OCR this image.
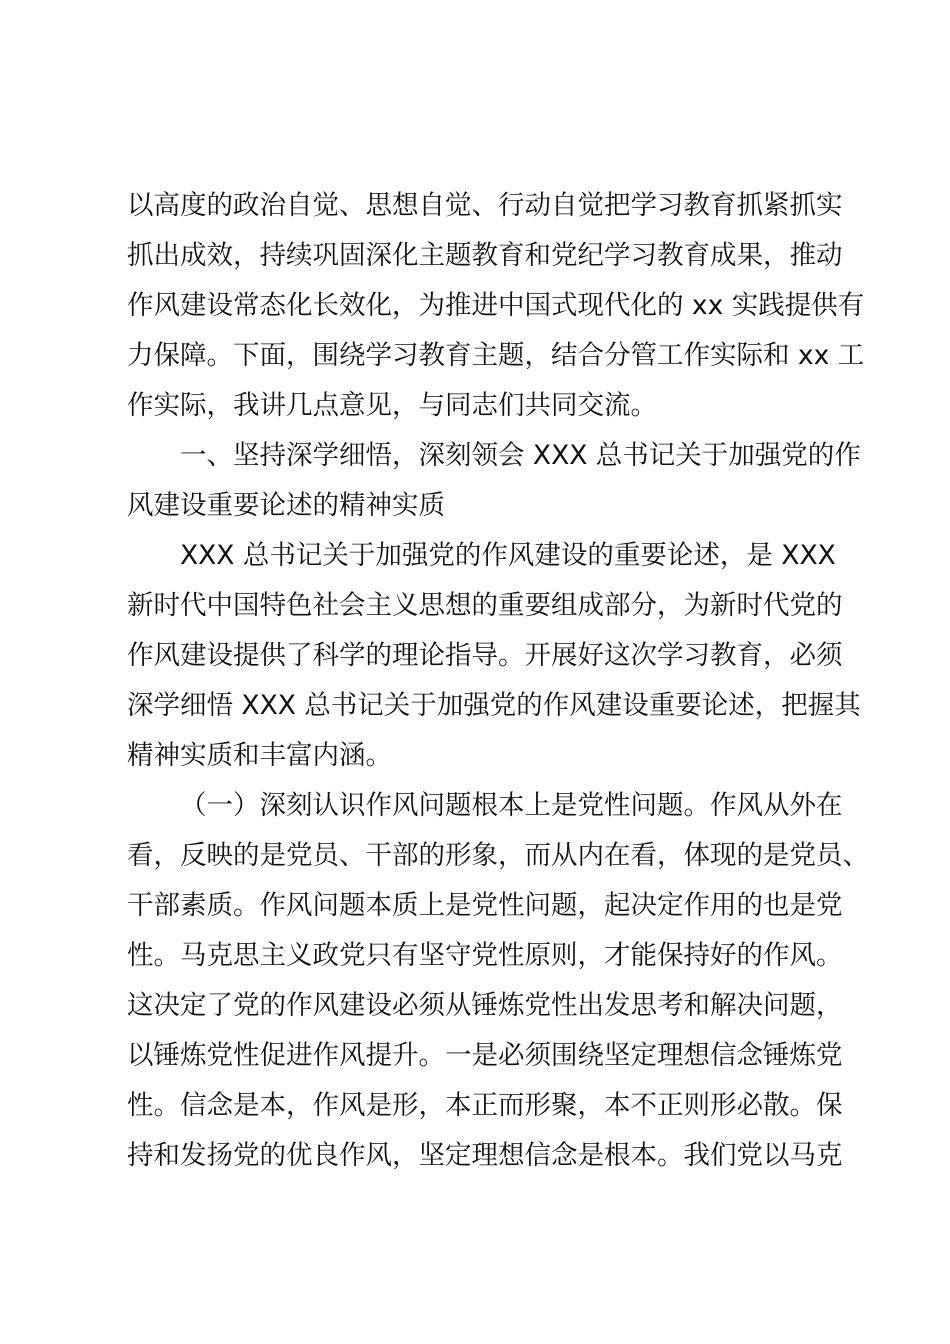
以高度的政治自觉、思想自觉、行动自觉把学习教育抓紧抓实
抓出成效，持续巩固深化主题教育和党纪学习教育成果，推动
作风建设常态化长效化，为推进中国式现代化的 xx 实践提供有
力保障。下面，围绕学习教育主题，结合分管工作实际和 xx 工
作实际，我讲几点意见，与同志们共同交流。
一、坚持深学细悟，深刻领会 XXX 总书记关于加强党的作
风建设重要论述的精神实质
XXX 总书记关于加强党的作风建设的重要论述，是 XXX
新时代中国特色社会主义思想的重要组成部分，为新时代党的
作风建设提供了科学的理论指导。开展好这次学习教育，必须
深学细悟 XXX 总书记关于加强党的作风建设重要论述，把握其
精神实质和丰富内涵。
（一）深刻认识作风问题根本上是党性问题。作风从外在
看，反映的是党员、干部的形象，而从内在看，体现的是党员、
干部素质。作风问题本质上是党性问题，起决定作用的也是党
性。马克思主义政党只有坚守党性原则，才能保持好的作风。
这决定了党的作风建设必须从锤炼党性出发思考和解决问题，
以锤炼党性促进作风提升。一是必须围绕坚定理想信念锤炼党
性。信念是本，作风是形，本正而形聚，本不正则形必散。保
持和发扬党的优良作风，坚定理想信念是根本。我们党以马克
